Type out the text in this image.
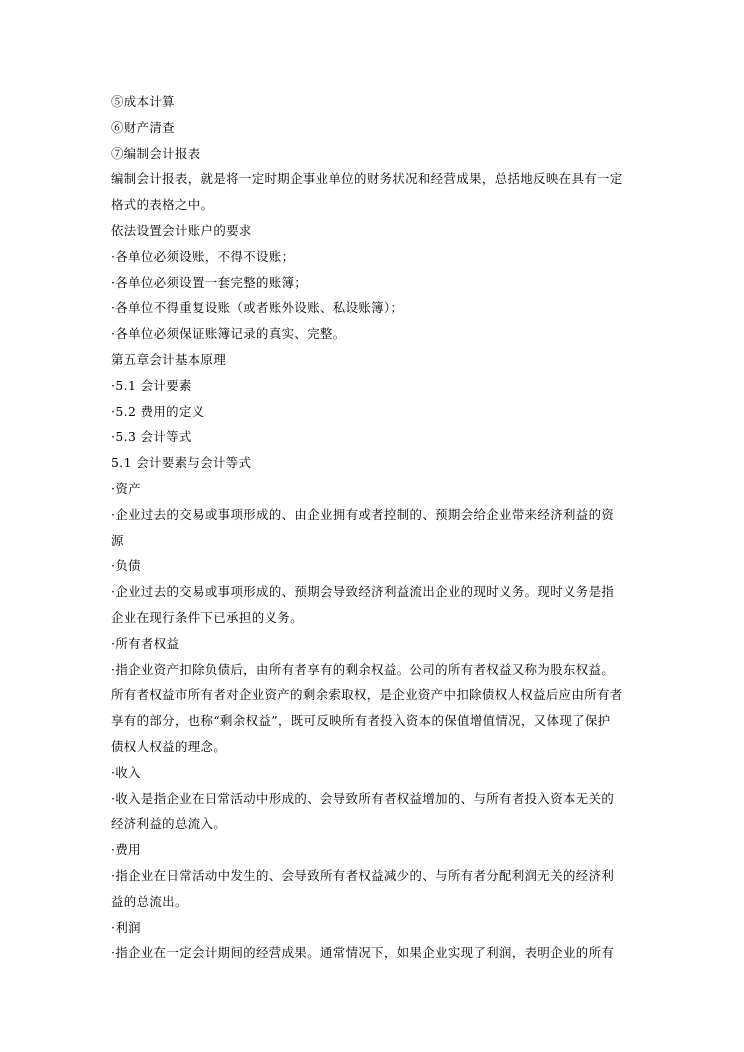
⑤成本计算
⑥财产清查
⑦编制会计报表
编制会计报表，就是将一定时期企事业单位的财务状况和经营成果，总括地反映在具有一定
格式的表格之中。
依法设置会计账户的要求
·各单位必须设账，不得不设账；
·各单位必须设置一套完整的账簿；
·各单位不得重复设账（或者账外设账、私设账簿）；
·各单位必须保证账簿记录的真实、完整。
第五章会计基本原理
·5.1 会计要素
·5.2 费用的定义
·5.3 会计等式
5.1 会计要素与会计等式
·资产
·企业过去的交易或事项形成的、由企业拥有或者控制的、预期会给企业带来经济利益的资
源
·负债
·企业过去的交易或事项形成的、预期会导致经济利益流出企业的现时义务。现时义务是指
企业在现行条件下已承担的义务。
·所有者权益
·指企业资产扣除负债后，由所有者享有的剩余权益。公司的所有者权益又称为股东权益。
所有者权益市所有者对企业资产的剩余索取权，是企业资产中扣除债权人权益后应由所有者
享有的部分，也称“剩余权益”，既可反映所有者投入资本的保值增值情况，又体现了保护
债权人权益的理念。
·收入
·收入是指企业在日常活动中形成的、会导致所有者权益增加的、与所有者投入资本无关的
经济利益的总流入。
·费用
·指企业在日常活动中发生的、会导致所有者权益减少的、与所有者分配利润无关的经济利
益的总流出。
·利润
·指企业在一定会计期间的经营成果。通常情况下，如果企业实现了利润，表明企业的所有
